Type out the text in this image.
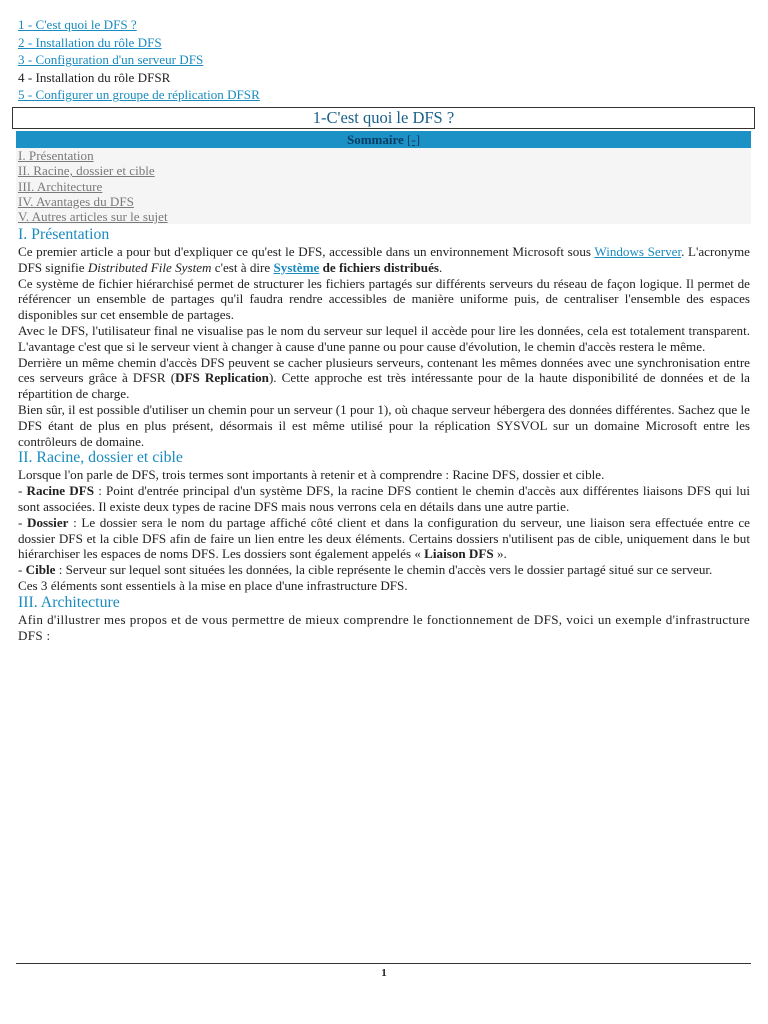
1 - C'est quoi le DFS ?
2 - Installation du rôle DFS
3 - Configuration d'un serveur DFS
4 - Installation du rôle DFSR
5 - Configurer un groupe de réplication DFSR
1-C'est quoi le DFS ?
Sommaire [-]
I. Présentation
II. Racine, dossier et cible
III. Architecture
IV. Avantages du DFS
V. Autres articles sur le sujet
I. Présentation

Ce premier article a pour but d'expliquer ce qu'est le DFS, accessible dans un environnement Microsoft sous Windows Server. L'acronyme DFS signifie Distributed File System c'est à dire Système de fichiers distribués.

Ce système de fichier hiérarchisé permet de structurer les fichiers partagés sur différents serveurs du réseau de façon logique. Il permet de référencer un ensemble de partages qu'il faudra rendre accessibles de manière uniforme puis, de centraliser l'ensemble des espaces disponibles sur cet ensemble de partages.

Avec le DFS, l'utilisateur final ne visualise pas le nom du serveur sur lequel il accède pour lire les données, cela est totalement transparent. L'avantage c'est que si le serveur vient à changer à cause d'une panne ou pour cause d'évolution, le chemin d'accès restera le même.

Derrière un même chemin d'accès DFS peuvent se cacher plusieurs serveurs, contenant les mêmes données avec une synchronisation entre ces serveurs grâce à DFSR (DFS Replication). Cette approche est très intéressante pour de la haute disponibilité de données et de la répartition de charge.

Bien sûr, il est possible d'utiliser un chemin pour un serveur (1 pour 1), où chaque serveur hébergera des données différentes. Sachez que le DFS étant de plus en plus présent, désormais il est même utilisé pour la réplication SYSVOL sur un domaine Microsoft entre les contrôleurs de domaine.

II. Racine, dossier et cible

Lorsque l'on parle de DFS, trois termes sont importants à retenir et à comprendre : Racine DFS, dossier et cible.

- Racine DFS : Point d'entrée principal d'un système DFS, la racine DFS contient le chemin d'accès aux différentes liaisons DFS qui lui sont associées. Il existe deux types de racine DFS mais nous verrons cela en détails dans une autre partie.

- Dossier : Le dossier sera le nom du partage affiché côté client et dans la configuration du serveur, une liaison sera effectuée entre ce dossier DFS et la cible DFS afin de faire un lien entre les deux éléments. Certains dossiers n'utilisent pas de cible, uniquement dans le but hiérarchiser les espaces de noms DFS. Les dossiers sont également appelés « Liaison DFS ».

- Cible : Serveur sur lequel sont situées les données, la cible représente le chemin d'accès vers le dossier partagé situé sur ce serveur.

Ces 3 éléments sont essentiels à la mise en place d'une infrastructure DFS.

III. Architecture

Afin d'illustrer mes propos et de vous permettre de mieux comprendre le fonctionnement de DFS, voici un exemple d'infrastructure DFS :

1
